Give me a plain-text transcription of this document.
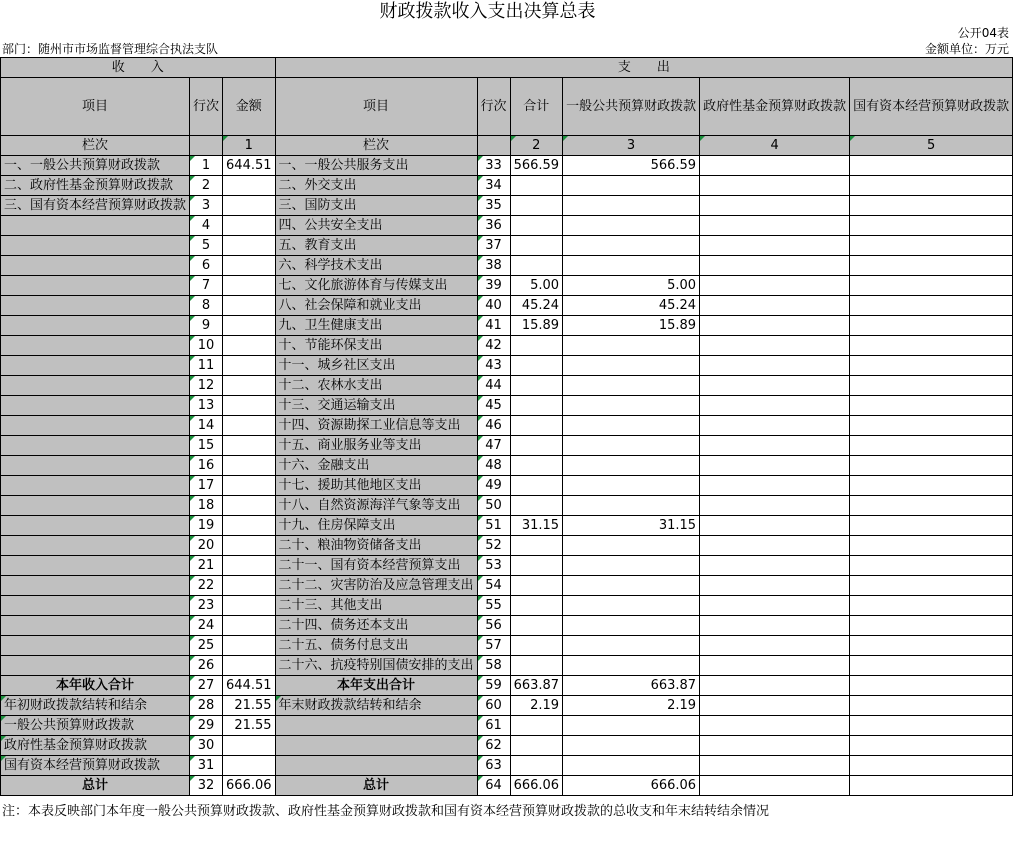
财政拨款收入支出决算总表
公开04表
部门：随州市市场监督管理综合执法支队	金额单位：万元
收　　入			支　　出					
项目	行次	金额	项目	行次	合计	一般公共预算财政拨款	政府性基金预算财政拨款	国有资本经营预算财政拨款
栏次		1	栏次		2	3	4	5
一、一般公共预算财政拨款	1	644.51	一、一般公共服务支出	33	566.59	566.59		
二、政府性基金预算财政拨款	2		二、外交支出	34				
三、国有资本经营预算财政拨款	3		三、国防支出	35				
	4		四、公共安全支出	36				
	5		五、教育支出	37				
	6		六、科学技术支出	38				
	7		七、文化旅游体育与传媒支出	39	5.00	5.00		
	8		八、社会保障和就业支出	40	45.24	45.24		
	9		九、卫生健康支出	41	15.89	15.89		
	10		十、节能环保支出	42				
	11		十一、城乡社区支出	43				
	12		十二、农林水支出	44				
	13		十三、交通运输支出	45				
	14		十四、资源勘探工业信息等支出	46				
	15		十五、商业服务业等支出	47				
	16		十六、金融支出	48				
	17		十七、援助其他地区支出	49				
	18		十八、自然资源海洋气象等支出	50				
	19		十九、住房保障支出	51	31.15	31.15		
	20		二十、粮油物资储备支出	52				
	21		二十一、国有资本经营预算支出	53				
	22		二十二、灾害防治及应急管理支出	54				
	23		二十三、其他支出	55				
	24		二十四、债务还本支出	56				
	25		二十五、债务付息支出	57				
	26		二十六、抗疫特别国债安排的支出	58				
本年收入合计	27	644.51	本年支出合计	59	663.87	663.87		
年初财政拨款结转和结余	28	21.55	年末财政拨款结转和结余	60	2.19	2.19		
一般公共预算财政拨款	29	21.55		61				
政府性基金预算财政拨款	30			62				
国有资本经营预算财政拨款	31			63				
总计	32	666.06	总计	64	666.06	666.06		
注：本表反映部门本年度一般公共预算财政拨款、政府性基金预算财政拨款和国有资本经营预算财政拨款的总收支和年末结转结余情况
